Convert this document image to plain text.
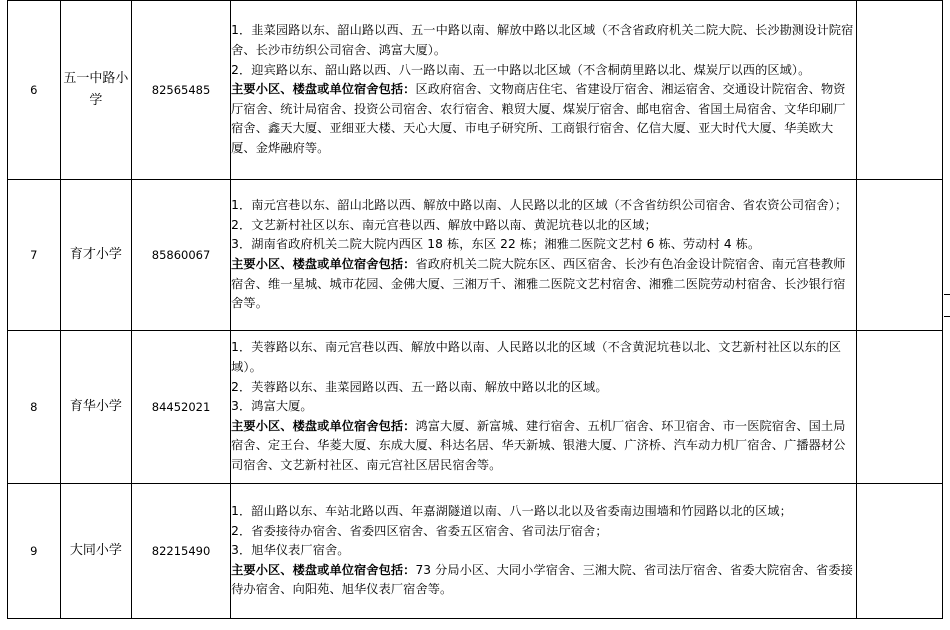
6	五一中路小学	82565485	1．韭菜园路以东、韶山路以西、五一中路以南、解放中路以北区域（不含省政府机关二院大院、长沙勘测设计院宿舍、长沙市纺织公司宿舍、鸿富大厦）。
2．迎宾路以东、韶山路以西、八一路以南、五一中路以北区域（不含桐荫里路以北、煤炭厅以西的区域）。
主要小区、楼盘或单位宿舍包括：区政府宿舍、文物商店住宅、省建设厅宿舍、湘运宿舍、交通设计院宿舍、物资厅宿舍、统计局宿舍、投资公司宿舍、农行宿舍、粮贸大厦、煤炭厅宿舍、邮电宿舍、省国土局宿舍、文华印刷厂宿舍、鑫天大厦、亚细亚大楼、天心大厦、市电子研究所、工商银行宿舍、亿信大厦、亚大时代大厦、华美欧大厦、金烨融府等。	

7	育才小学	85860067	1．南元宫巷以东、韶山北路以西、解放中路以南、人民路以北的区域（不含省纺织公司宿舍、省农资公司宿舍）；
2．文艺新村社区以东、南元宫巷以西、解放中路以南、黄泥坑巷以北的区域；
3．湖南省政府机关二院大院内西区 18 栋，东区 22 栋；湘雅二医院文艺村 6 栋、劳动村 4 栋。
主要小区、楼盘或单位宿舍包括：省政府机关二院大院东区、西区宿舍、长沙有色冶金设计院宿舍、南元宫巷教师宿舍、维一星城、城市花园、金佛大厦、三湘万千、湘雅二医院文艺村宿舍、湘雅二医院劳动村宿舍、长沙银行宿舍等。	

8	育华小学	84452021	1．芙蓉路以东、南元宫巷以西、解放中路以南、人民路以北的区域（不含黄泥坑巷以北、文艺新村社区以东的区域）。
2．芙蓉路以东、韭菜园路以西、五一路以南、解放中路以北的区域。
3．鸿富大厦。
主要小区、楼盘或单位宿舍包括：鸿富大厦、新富城、建行宿舍、五机厂宿舍、环卫宿舍、市一医院宿舍、国土局宿舍、定王台、华菱大厦、东成大厦、科达名居、华天新城、银港大厦、广济桥、汽车动力机厂宿舍、广播器材公司宿舍、文艺新村社区、南元宫社区居民宿舍等。	

9	大同小学	82215490	1．韶山路以东、车站北路以西、年嘉湖隧道以南、八一路以北以及省委南边围墙和竹园路以北的区域；
2．省委接待办宿舍、省委四区宿舍、省委五区宿舍、省司法厅宿舍；
3．旭华仪表厂宿舍。
主要小区、楼盘或单位宿舍包括：73 分局小区、大同小学宿舍、三湘大院、省司法厅宿舍、省委大院宿舍、省委接待办宿舍、向阳苑、旭华仪表厂宿舍等。	
